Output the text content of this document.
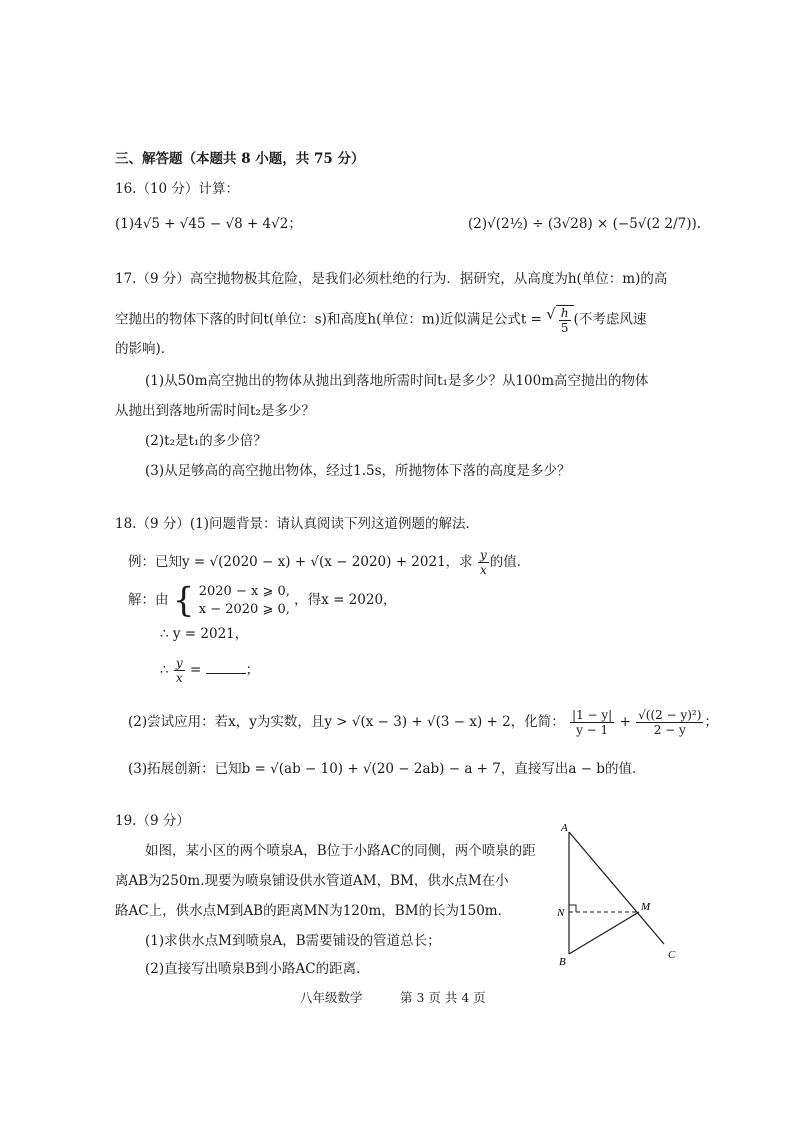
三、解答题（本题共 8 小题，共 75 分）
16.（10 分）计算：
(1)4√5 + √45 − √8 + 4√2；	(2)√(2½) ÷ (3√28) × (−5√(2 2/7)).
17.（9 分）高空抛物极其危险，是我们必须杜绝的行为．据研究，从高度为h(单位：m)的高
空抛出的物体下落的时间t(单位：s)和高度h(单位：m)近似满足公式t = √ $\frac{h}{5}$ (不考虑风速
的影响)．
(1)从50m高空抛出的物体从抛出到落地所需时间t₁是多少？从100m高空抛出的物体
从抛出到落地所需时间t₂是多少？
(2)t₂是t₁的多少倍？
(3)从足够高的高空抛出物体，经过1.5s，所抛物体下落的高度是多少？
18.（9 分）(1)问题背景：请认真阅读下列这道例题的解法．
例：已知y = √(2020 − x) + √(x − 2020) + 2021，求 $\frac{y}{x}$ 的值．
解：由 { 2020 − x ⩾ 0,
x − 2020 ⩾ 0,
，得x = 2020，
∴ y = 2021，
∴ $\frac{y}{x}$ =	；
(2)尝试应用：若x，y为实数，且y > √(x − 3) + √(3 − x) + 2，化简： $\frac{|1 - y|}{y - 1} + \frac{\text{√((2 − y)²)}}{2 - y}$ ；
(3)拓展创新：已知b = √(ab − 10) + √(20 − 2ab) − a + 7，直接写出a − b的值．
19.（9 分）
如图，某小区的两个喷泉A，B位于小路AC的同侧，两个喷泉的距
离AB为250m.现要为喷泉铺设供水管道AM，BM，供水点M在小
路AC上，供水点M到AB的距离MN为120m，BM的长为150m．
(1)求供水点M到喷泉A，B需要铺设的管道总长；
(2)直接写出喷泉B到小路AC的距离．
A
B
C
M
N
八年级数学	第 3 页 共 4 页
